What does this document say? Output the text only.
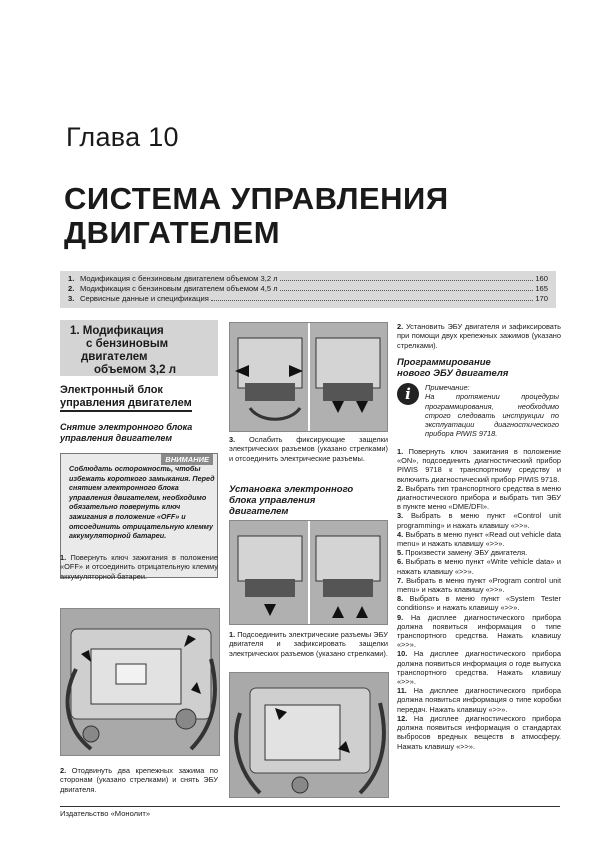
Глава 10
СИСТЕМА УПРАВЛЕНИЯ
ДВИГАТЕЛЕМ
1. Модификация с бензиновым двигателем объемом 3,2 л	160
2. Модификация с бензиновым двигателем объемом 4,5 л	165
3. Сервисные данные и спецификация	170
1. Модификация
с бензиновым
двигателем
объемом 3,2 л
Электронный блок
управления двигателем
Снятие электронного блока
управления двигателем
ВНИМАНИЕ
Соблюдать осторожность, чтобы избежать короткого замыкания. Перед снятием электронного блока управления двигателем, необходимо обязательно повернуть ключ зажигания в положение «OFF» и отсоединить отрицательную клемму аккумуляторной батареи.
1. Повернуть ключ зажигания в положение «OFF» и отсоединить отрицательную клемму аккумуляторной батареи.
2. Отодвинуть два крепежных зажима по сторонам (указано стрелками) и снять ЭБУ двигателя.
3. Ослабить фиксирующие защелки электрических разъемов (указано стрелками) и отсоединить электрические разъемы.
Установка электронного
блока управления
двигателем
1. Подсоединить электрические разъемы ЭБУ двигателя и зафиксировать защелки электрических разъемов (указано стрелками).
2. Установить ЭБУ двигателя и зафиксировать при помощи двух крепежных зажимов (указано стрелками).
Программирование
нового ЭБУ двигателя
i	Примечание:
На протяжении процедуры программирования, необходимо строго следовать инструкции по эксплуатации диагностического прибора PIWIS 9718.

1. Повернуть ключ зажигания в положение «ON», подсоединить диагностический прибор PIWIS 9718 к транспортному средству и включить диагностический прибор PIWIS 9718.

2. Выбрать тип транспортного средства в меню диагностического прибора и выбрать тип ЭБУ в пункте меню «DME/DFI».

3. Выбрать в меню пункт «Control unit programming» и нажать клавишу «>>».

4. Выбрать в меню пункт «Read out vehicle data menu» и нажать клавишу «>>».

5. Произвести замену ЭБУ двигателя.

6. Выбрать в меню пункт «Write vehicle data» и нажать клавишу «>>».

7. Выбрать в меню пункт «Program control unit menu» и нажать клавишу «>>».

8. Выбрать в меню пункт «System Tester conditions» и нажать клавишу «>>».

9. На дисплее диагностического прибора должна появиться информация о типе транспортного средства. Нажать клавишу «>>».

10. На дисплее диагностического прибора должна появиться информация о годе выпуска транспортного средства. Нажать клавишу «>>».

11. На дисплее диагностического прибора должна появиться информация о типе коробки передач. Нажать клавишу «>>».

12. На дисплее диагностического прибора должна появиться информация о стандартах выбросов вредных веществ в атмосферу. Нажать клавишу «>>».

Издательство «Монолит»
